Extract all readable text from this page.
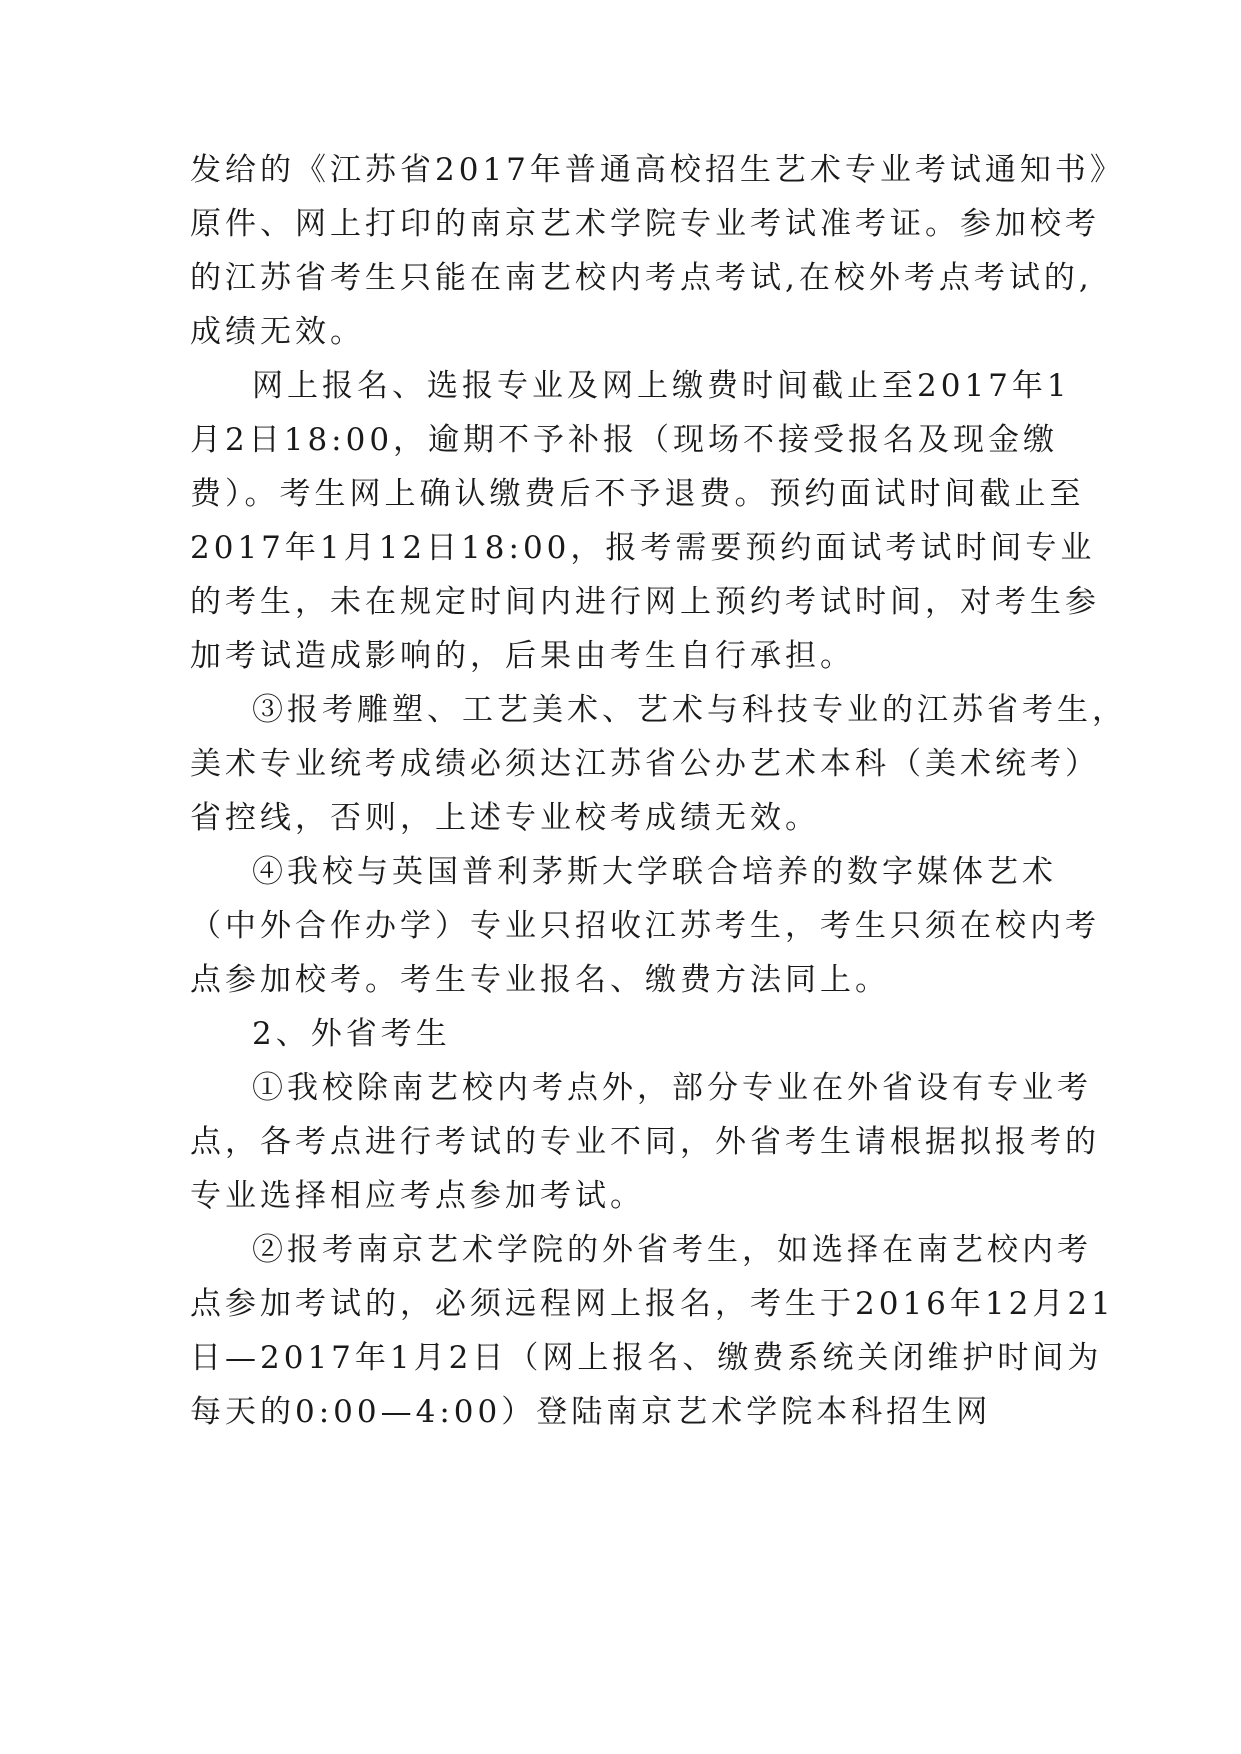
发给的《江苏省2017年普通高校招生艺术专业考试通知书》
原件、网上打印的南京艺术学院专业考试准考证。参加校考
的江苏省考生只能在南艺校内考点考试,在校外考点考试的,
成绩无效。
网上报名、选报专业及网上缴费时间截止至2017年1
月2日18:00，逾期不予补报（现场不接受报名及现金缴
费）。考生网上确认缴费后不予退费。预约面试时间截止至
2017年1月12日18:00，报考需要预约面试考试时间专业
的考生，未在规定时间内进行网上预约考试时间，对考生参
加考试造成影响的，后果由考生自行承担。
③报考雕塑、工艺美术、艺术与科技专业的江苏省考生，
美术专业统考成绩必须达江苏省公办艺术本科（美术统考）
省控线，否则，上述专业校考成绩无效。
④我校与英国普利茅斯大学联合培养的数字媒体艺术
（中外合作办学）专业只招收江苏考生，考生只须在校内考
点参加校考。考生专业报名、缴费方法同上。
2、外省考生
①我校除南艺校内考点外，部分专业在外省设有专业考
点，各考点进行考试的专业不同，外省考生请根据拟报考的
专业选择相应考点参加考试。
②报考南京艺术学院的外省考生，如选择在南艺校内考
点参加考试的，必须远程网上报名，考生于2016年12月21
日—2017年1月2日（网上报名、缴费系统关闭维护时间为
每天的0:00—4:00）登陆南京艺术学院本科招生网
